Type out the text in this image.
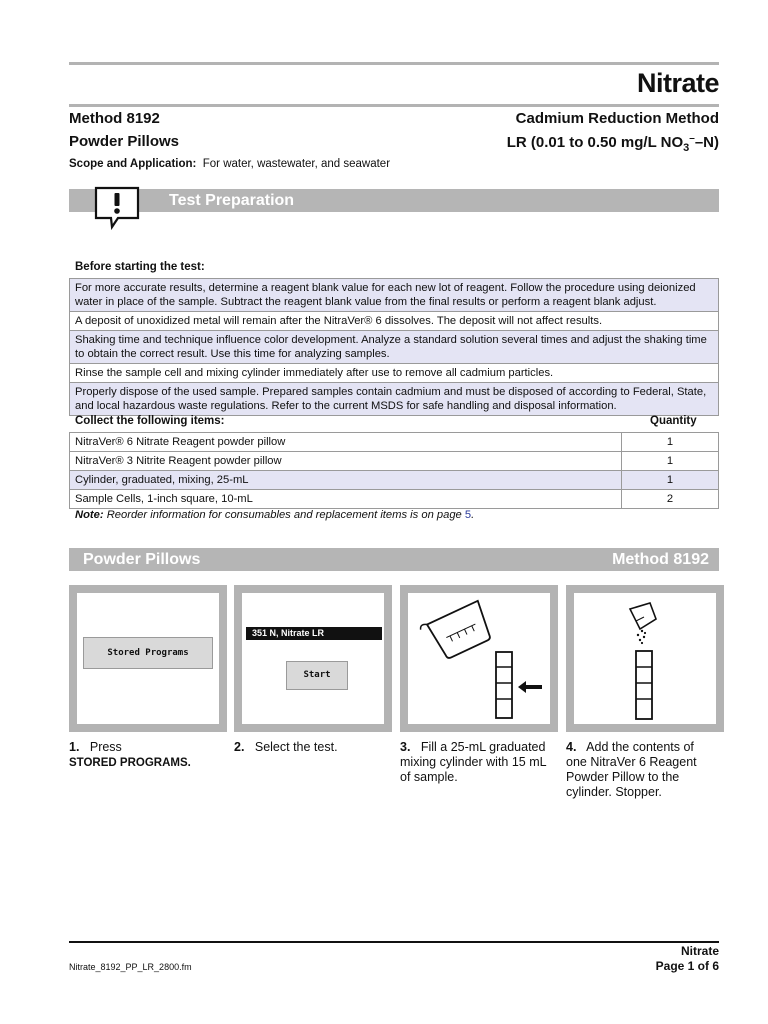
Nitrate
Method 8192
Powder Pillows
Cadmium Reduction Method
LR (0.01 to 0.50 mg/L $NO_3^--N$)
Scope and Application: For water, wastewater, and seawater
Test Preparation
Before starting the test:
For more accurate results, determine a reagent blank value for each new lot of reagent. Follow the procedure using deionized water in place of the sample. Subtract the reagent blank value from the final results or perform a reagent blank adjust.
A deposit of unoxidized metal will remain after the NitraVer® 6 dissolves. The deposit will not affect results.
Shaking time and technique influence color development. Analyze a standard solution several times and adjust the shaking time to obtain the correct result. Use this time for analyzing samples.
Rinse the sample cell and mixing cylinder immediately after use to remove all cadmium particles.
Properly dispose of the used sample. Prepared samples contain cadmium and must be disposed of according to Federal, State, and local hazardous waste regulations. Refer to the current MSDS for safe handling and disposal information.
Collect the following items:	Quantity
NitraVer® 6 Nitrate Reagent powder pillow	1
NitraVer® 3 Nitrite Reagent powder pillow	1
Cylinder, graduated, mixing, 25-mL	1
Sample Cells, 1-inch square, 10-mL	2
Note: Reorder information for consumables and replacement items is on page 5.
Powder Pillows	Method 8192
Stored Programs
351 N, Nitrate LR
Start
1. Press
STORED PROGRAMS.
2. Select the test.	3. Fill a 25-mL graduated mixing cylinder with 15 mL of sample.
4. Add the contents of one NitraVer 6 Reagent Powder Pillow to the cylinder. Stopper.
Nitrate_8192_PP_LR_2800.fm
Nitrate
Page 1 of 6
